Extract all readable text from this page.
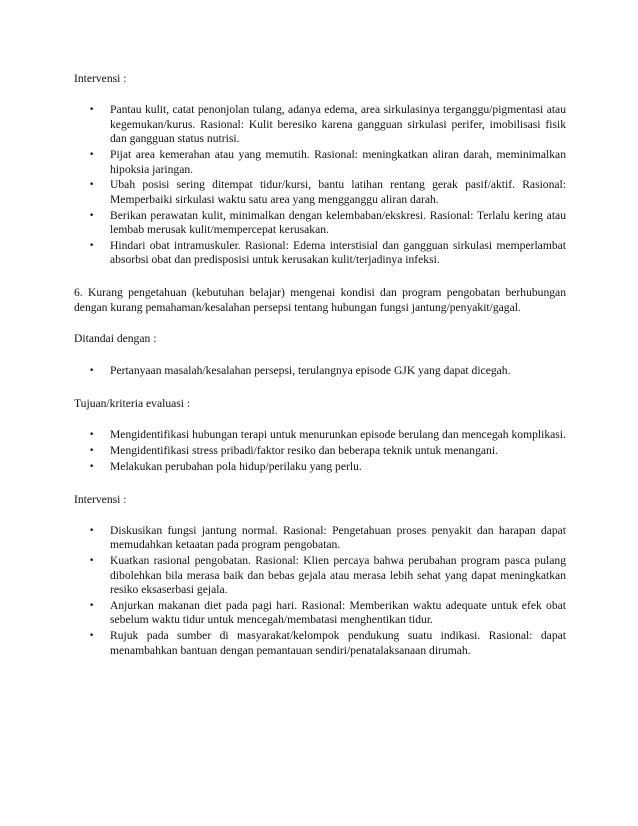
Intervensi :

• Pantau kulit, catat penonjolan tulang, adanya edema, area sirkulasinya terganggu/pigmentasi atau kegemukan/kurus. Rasional: Kulit beresiko karena gangguan sirkulasi perifer, imobilisasi fisik dan gangguan status nutrisi.
• Pijat area kemerahan atau yang memutih. Rasional: meningkatkan aliran darah, meminimalkan hipoksia jaringan.
• Ubah posisi sering ditempat tidur/kursi, bantu latihan rentang gerak pasif/aktif. Rasional: Memperbaiki sirkulasi waktu satu area yang mengganggu aliran darah.
• Berikan perawatan kulit, minimalkan dengan kelembaban/ekskresi. Rasional: Terlalu kering atau lembab merusak kulit/mempercepat kerusakan.
• Hindari obat intramuskuler. Rasional: Edema interstisial dan gangguan sirkulasi memperlambat absorbsi obat dan predisposisi untuk kerusakan kulit/terjadinya infeksi.

6. Kurang pengetahuan (kebutuhan belajar) mengenai kondisi dan program pengobatan berhubungan dengan kurang pemahaman/kesalahan persepsi tentang hubungan fungsi jantung/penyakit/gagal.

Ditandai dengan :

• Pertanyaan masalah/kesalahan persepsi, terulangnya episode GJK yang dapat dicegah.

Tujuan/kriteria evaluasi :

• Mengidentifikasi hubungan terapi untuk menurunkan episode berulang dan mencegah komplikasi.
• Mengidentifikasi stress pribadi/faktor resiko dan beberapa teknik untuk menangani.
• Melakukan perubahan pola hidup/perilaku yang perlu.

Intervensi :

• Diskusikan fungsi jantung normal. Rasional: Pengetahuan proses penyakit dan harapan dapat memudahkan ketaatan pada program pengobatan.
• Kuatkan rasional pengobatan. Rasional: Klien percaya bahwa perubahan program pasca pulang dibolehkan bila merasa baik dan bebas gejala atau merasa lebih sehat yang dapat meningkatkan resiko eksaserbasi gejala.
• Anjurkan makanan diet pada pagi hari. Rasional: Memberikan waktu adequate untuk efek obat sebelum waktu tidur untuk mencegah/membatasi menghentikan tidur.
• Rujuk pada sumber di masyarakat/kelompok pendukung suatu indikasi. Rasional: dapat menambahkan bantuan dengan pemantauan sendiri/penatalaksanaan dirumah.
